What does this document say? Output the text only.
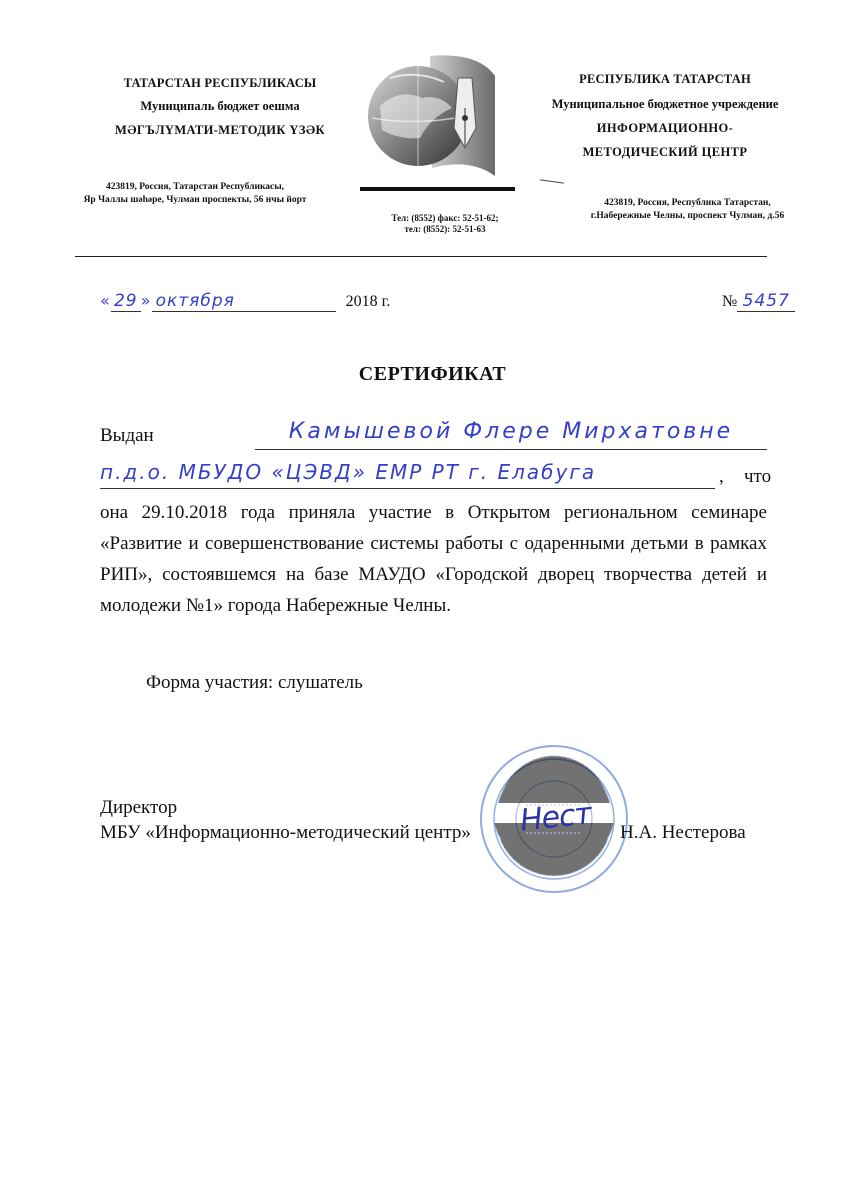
ТАТАРСТАН РЕСПУБЛИКАСЫ
Муниципаль бюджет оешма
МӘГЪЛҮМАТИ-МЕТОДИК ҮЗӘК
423819, Россия, Татарстан Республикасы,
Яр Чаллы шәһәре, Чулман проспекты, 56 нчы йорт
Тел: (8552) факс: 52-51-62;
тел: (8552): 52-51-63
РЕСПУБЛИКА ТАТАРСТАН
Муниципальное бюджетное учреждение
ИНФОРМАЦИОННО-
МЕТОДИЧЕСКИЙ ЦЕНТР
423819, Россия, Республика Татарстан,
г.Набережные Челны, проспект Чулман, д.56
« 29 » октября	2018 г.	№ 5457
СЕРТИФИКАТ
Выдан	Камышевой Флере Мирхатовне
п.д.о. МБУДО «ЦЭВД» ЕМР РТ г. Елабуга	, что
она 29.10.2018 года приняла участие в Открытом региональном семинаре «Развитие и совершенствование системы работы с одаренными детьми в рамках РИП», состоявшемся на базе МАУДО «Городской дворец творчества детей и молодежи №1» города Набережные Челны.
Форма участия: слушатель
Директор
МБУ «Информационно-методический центр» Нест Н.А. Нестерова
